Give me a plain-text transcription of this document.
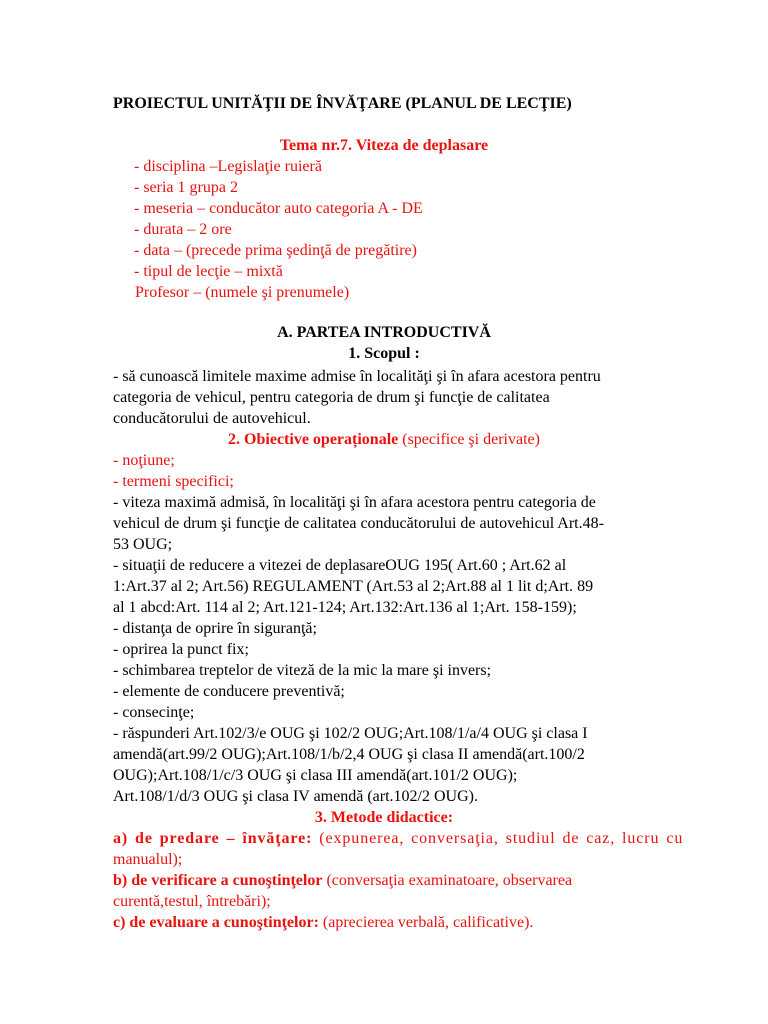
PROIECTUL UNITĂŢII DE ÎNVĂŢARE (PLANUL DE LECŢIE)
Tema nr.7. Viteza de deplasare
- disciplina –Legislaţie ruieră
- seria 1 grupa 2
- meseria – conducător auto categoria A - DE
- durata – 2 ore
- data – (precede prima şedinţă de pregătire)
- tipul de lecţie – mixtă
Profesor – (numele şi prenumele)
A. PARTEA INTRODUCTIVĂ
1. Scopul :
- să cunoască limitele maxime admise în localităţi şi în afara acestora pentru
categoria de vehicul, pentru categoria de drum şi funcţie de calitatea
conducătorului de autovehicul.
2. Obiective operaționale (specifice şi derivate)
- noţiune;
- termeni specifici;
- viteza maximă admisă, în localităţi şi în afara acestora pentru categoria de
vehicul de drum şi funcţie de calitatea conducătorului de autovehicul Art.48-
53 OUG;
- situaţii de reducere a vitezei de deplasareOUG 195( Art.60 ; Art.62 al
1:Art.37 al 2; Art.56) REGULAMENT (Art.53 al 2;Art.88 al 1 lit d;Art. 89
al 1 abcd:Art. 114 al 2; Art.121-124; Art.132:Art.136 al 1;Art. 158-159);
- distanţa de oprire în siguranţă;
- oprirea la punct fix;
- schimbarea treptelor de viteză de la mic la mare şi invers;
- elemente de conducere preventivă;
- consecinţe;
- răspunderi Art.102/3/e OUG şi 102/2 OUG;Art.108/1/a/4 OUG şi clasa I
amendă(art.99/2 OUG);Art.108/1/b/2,4 OUG şi clasa II amendă(art.100/2
OUG);Art.108/1/c/3 OUG şi clasa III amendă(art.101/2 OUG);
Art.108/1/d/3 OUG şi clasa IV amendă (art.102/2 OUG).
3. Metode didactice:
a) de predare – învăţare: (expunerea, conversaţia, studiul de caz, lucru cu
manualul);
b) de verificare a cunoştinţelor (conversaţia examinatoare, observarea
curentă,testul, întrebări);
c) de evaluare a cunoştinţelor: (aprecierea verbală, calificative).
